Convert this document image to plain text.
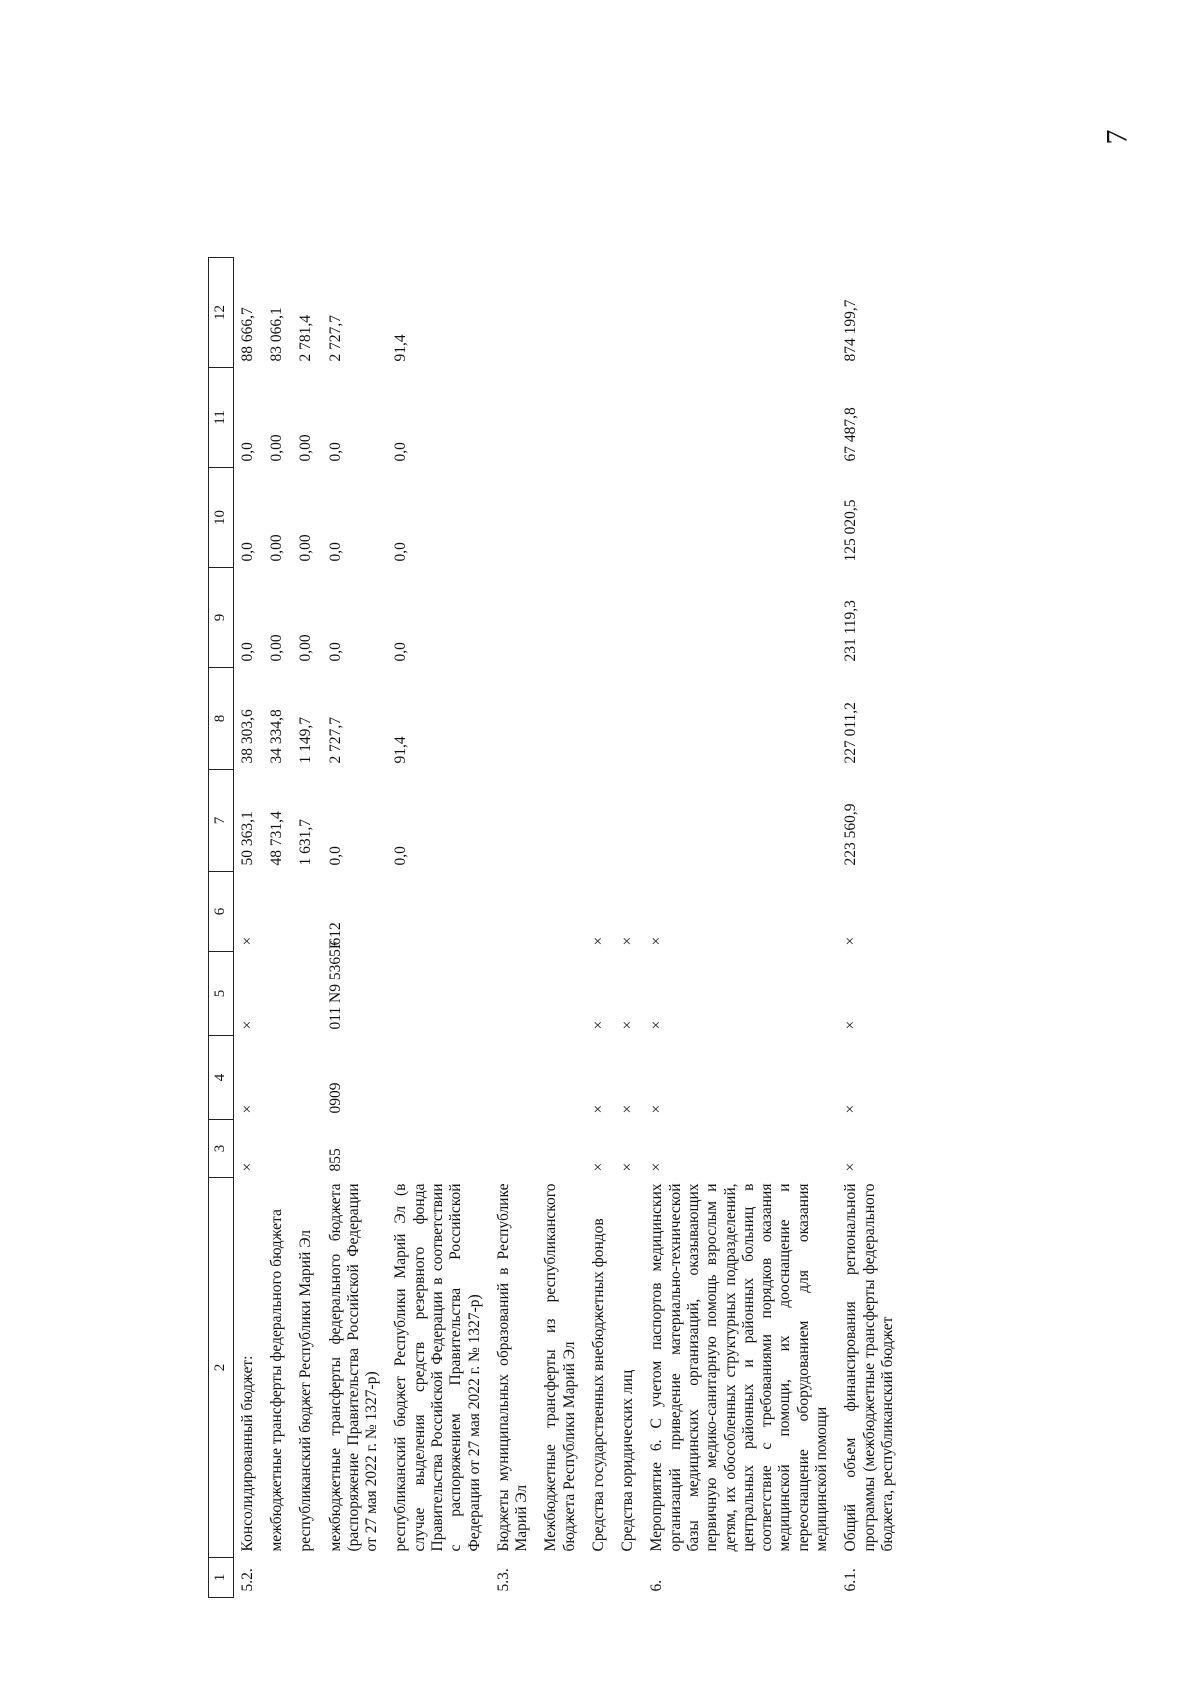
7
1	2	3	4	5	6	7	8	9	10	11	12	
5.2.	Консолидированный бюджет:	×	×	×	×	50 363,1	38 303,6	0,0	0,0	0,0	88 666,7	
	межбюджетные трансферты федерального бюджета					48 731,4	34 334,8	0,00	0,00	0,00	83 066,1	
	республиканский бюджет Республики Марий Эл					1 631,7	1 149,7	0,00	0,00	0,00	2 781,4	
	межбюджетные трансферты федерального бюджета (распоряжение Правительства Российской Федерации от 27 мая 2022 г. № 1327-р)	855	0909	011 N9 5365F	612	0,0	2 727,7	0,0	0,0	0,0	2 727,7	
	республиканский бюджет Республики Марий Эл (в случае выделения средств резервного фонда Правительства Российской Федерации в соответствии с распоряжением Правительства Российской Федерации от 27 мая 2022 г. № 1327-р)					0,0	91,4	0,0	0,0	0,0	91,4	
5.3.	Бюджеты муниципальных образований в Республике Марий Эл											
	Межбюджетные трансферты из республиканского бюджета Республики Марий Эл											
	Средства государственных внебюджетных фондов	×	×	×	×							
	Средства юридических лиц	×	×	×	×							
6.	Мероприятие 6. С учетом паспортов медицинских организаций приведение материально-технической базы медицинских организаций, оказывающих первичную медико-санитарную помощь взрослым и детям, их обособленных структурных подразделений, центральных районных и районных больниц в соответствие с требованиями порядков оказания медицинской помощи, их дооснащение и переоснащение оборудованием для оказания медицинской помощи	×	×	×	×							
6.1.	Общий объем финансирования региональной программы (межбюджетные трансферты федерального бюджета, республиканский бюджет	×	×	×	×	223 560,9	227 011,2	231 119,3	125 020,5	67 487,8	874 199,7	
